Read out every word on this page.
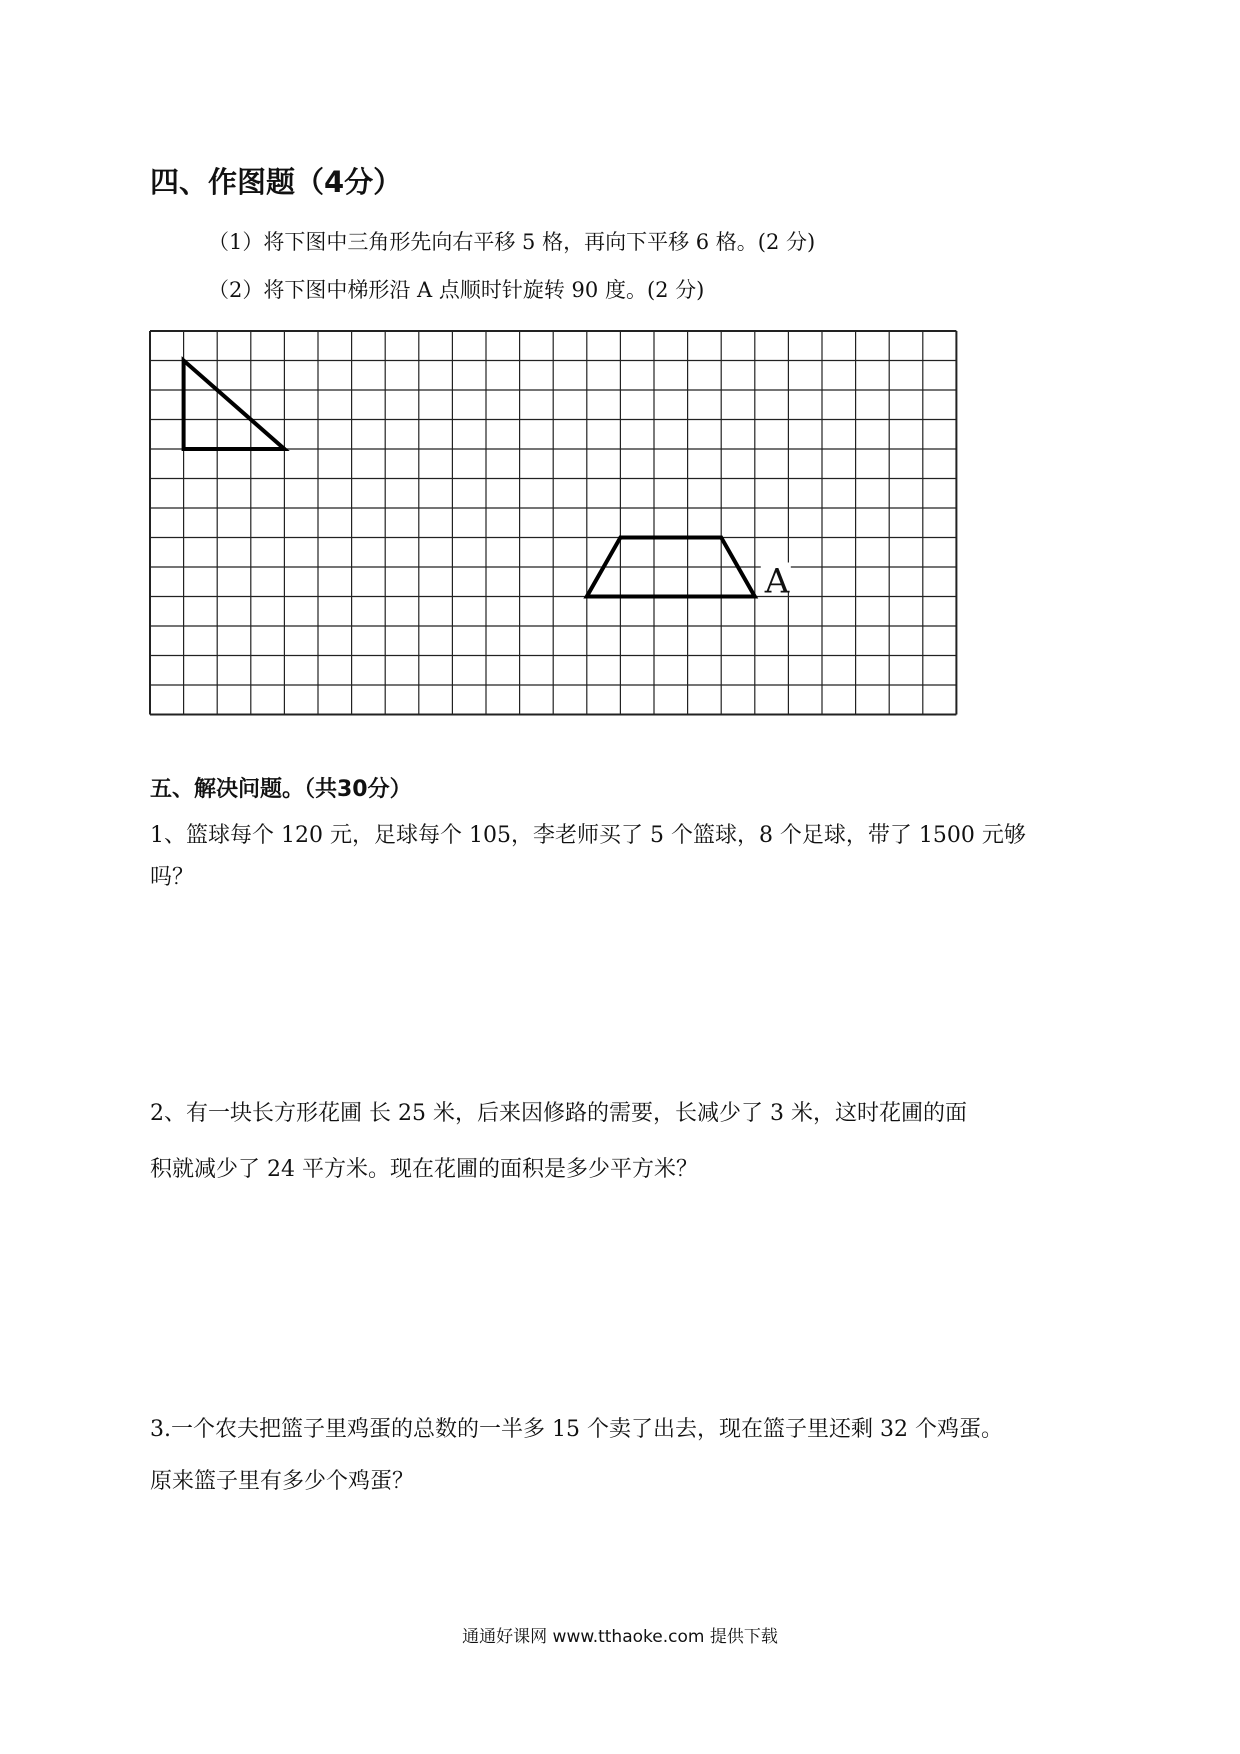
四、作图题（4分）
（1）将下图中三角形先向右平移 5 格，再向下平移 6 格。(2 分)
（2）将下图中梯形沿 A 点顺时针旋转 90 度。(2 分)
A
五、解决问题。（共30分）
1、篮球每个 120 元，足球每个 105，李老师买了 5 个篮球，8 个足球，带了 1500 元够
吗？
2、有一块长方形花圃 长 25 米，后来因修路的需要，长减少了 3 米，这时花圃的面
积就减少了 24 平方米。现在花圃的面积是多少平方米？
3.一个农夫把篮子里鸡蛋的总数的一半多 15 个卖了出去，现在篮子里还剩 32 个鸡蛋。
原来篮子里有多少个鸡蛋？
通通好课网 www.tthaoke.com 提供下载
